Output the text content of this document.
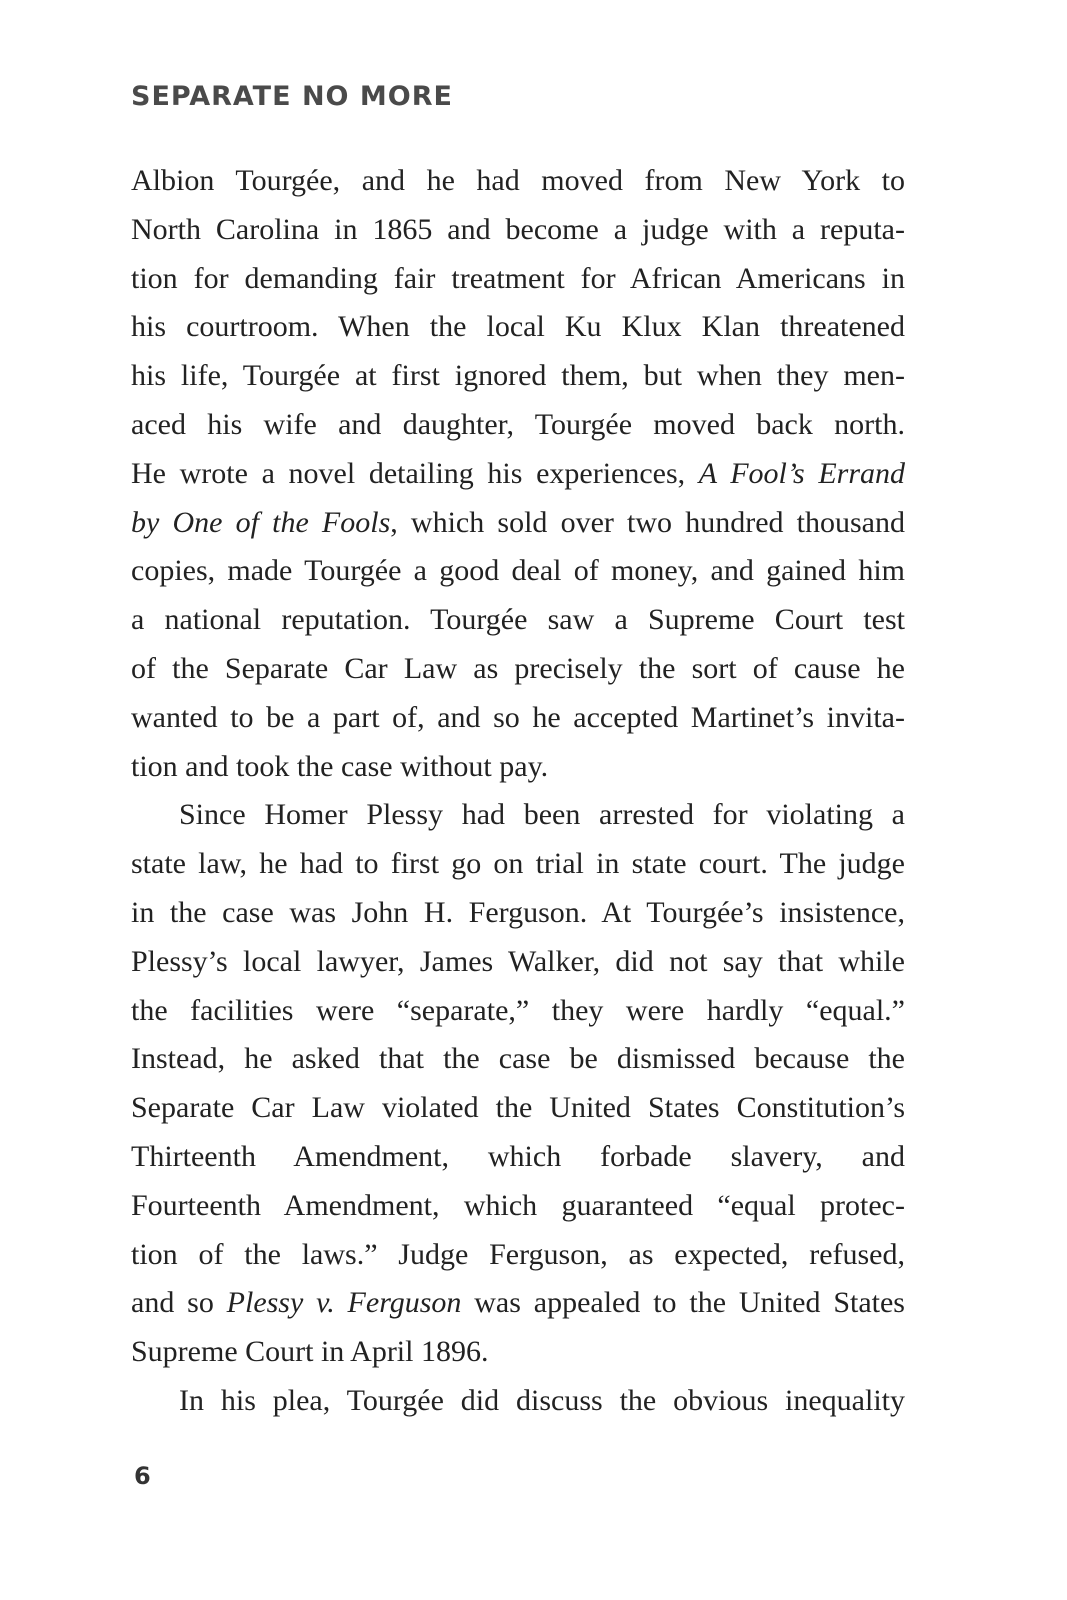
SEPARATE NO MORE
Albion Tourgée, and he had moved from New York to
North Carolina in 1865 and become a judge with a reputa-
tion for demanding fair treatment for African Americans in
his courtroom. When the local Ku Klux Klan threatened
his life, Tourgée at first ignored them, but when they men-
aced his wife and daughter, Tourgée moved back north.
He wrote a novel detailing his experiences, A Fool’s Errand
by One of the Fools, which sold over two hundred thousand
copies, made Tourgée a good deal of money, and gained him
a national reputation. Tourgée saw a Supreme Court test
of the Separate Car Law as precisely the sort of cause he
wanted to be a part of, and so he accepted Martinet’s invita-
tion and took the case without pay.
Since Homer Plessy had been arrested for violating a
state law, he had to first go on trial in state court. The judge
in the case was John H. Ferguson. At Tourgée’s insistence,
Plessy’s local lawyer, James Walker, did not say that while
the facilities were “separate,” they were hardly “equal.”
Instead, he asked that the case be dismissed because the
Separate Car Law violated the United States Constitution’s
Thirteenth Amendment, which forbade slavery, and
Fourteenth Amendment, which guaranteed “equal protec-
tion of the laws.” Judge Ferguson, as expected, refused,
and so Plessy v. Ferguson was appealed to the United States
Supreme Court in April 1896.
In his plea, Tourgée did discuss the obvious inequality
6
